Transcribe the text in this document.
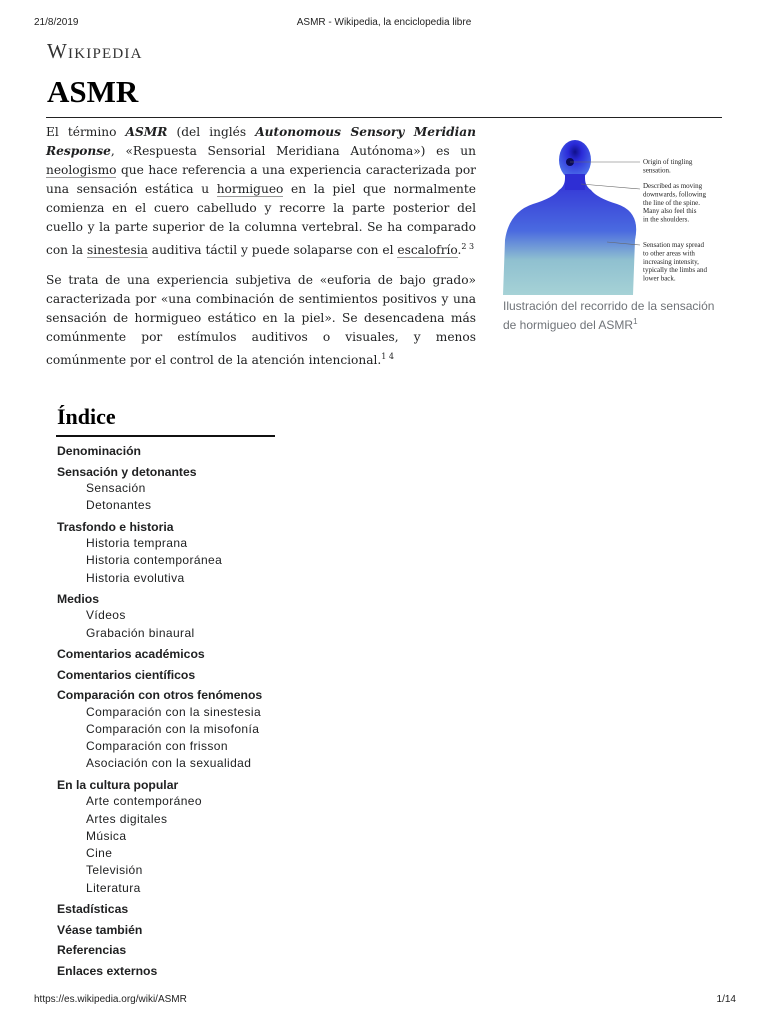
21/8/2019	ASMR - Wikipedia, la enciclopedia libre
Wikipedia
ASMR

El término ASMR (del inglés Autonomous Sensory Meridian Response, «Respuesta Sensorial Meridiana Autónoma») es un neologismo que hace referencia a una experiencia caracterizada por una sensación estática u hormigueo en la piel que normalmente comienza en el cuero cabelludo y recorre la parte posterior del cuello y la parte superior de la columna vertebral. Se ha comparado con la sinestesia auditiva táctil y puede solaparse con el escalofrío.$^{2 3}$

Se trata de una experiencia subjetiva de «euforia de bajo grado» caracterizada por «una combinación de sentimientos positivos y una sensación de hormigueo estático en la piel». Se desencadena más comúnmente por estímulos auditivos o visuales, y menos comúnmente por el control de la atención intencional.$^{1 4}$

Origin of tingling sensation.
Described as moving downwards, following the line of the spine. Many also feel this in the shoulders.
Sensation may spread to other areas with increasing intensity, typically the limbs and lower back.
Ilustración del recorrido de la sensación de hormigueo del ASMR$^1$
Índice
Denominación
Sensación y detonantes
Sensación
Detonantes
Trasfondo e historia
Historia temprana
Historia contemporánea
Historia evolutiva
Medios
Vídeos
Grabación binaural
Comentarios académicos
Comentarios científicos
Comparación con otros fenómenos
Comparación con la sinestesia
Comparación con la misofonía
Comparación con frisson
Asociación con la sexualidad
En la cultura popular
Arte contemporáneo
Artes digitales
Música
Cine
Televisión
Literatura
Estadísticas
Véase también
Referencias
Enlaces externos
https://es.wikipedia.org/wiki/ASMR	1/14
